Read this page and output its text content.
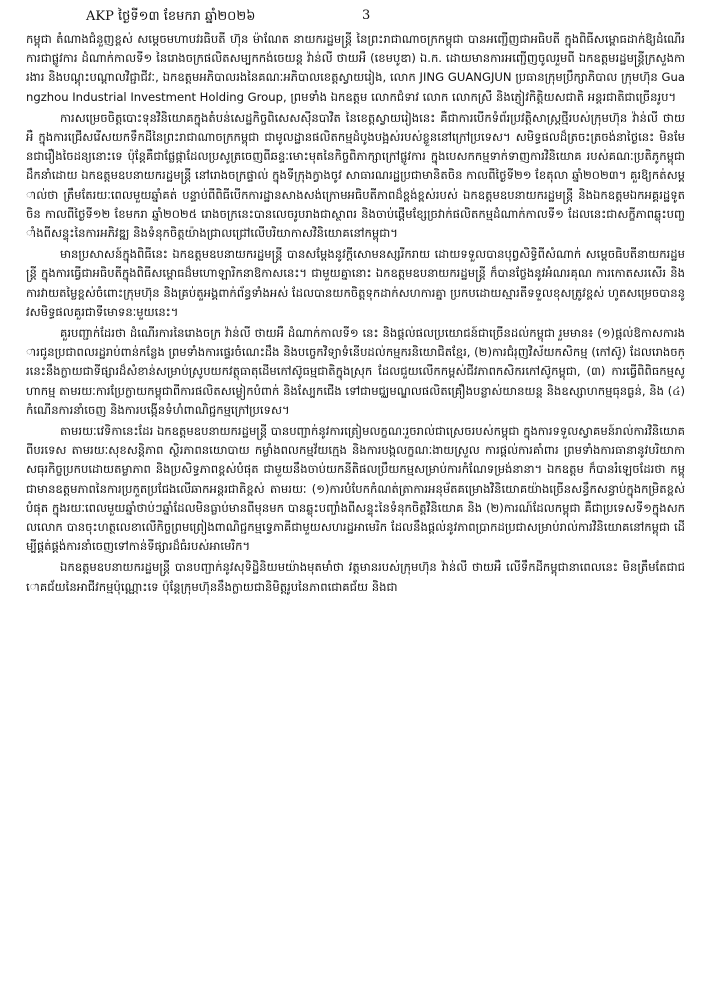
AKP ថ្ងៃទី១៣ ខែមករា ឆ្នាំ២០២៦	3

កម្ពុជា តំណាងជំនួញខ្ពស់ សម្ដេចមហាបវរធិបតី ហ៊ុន ម៉ាណែត នាយករដ្ឋមន្ត្រី នៃព្រះរាជាណាចក្រកម្ពុជា បានអញ្ជើញជាអធិបតី ក្នុងពិធីសម្ពោធដាក់ឱ្យដំណើរការជាផ្លូវការ ដំណាក់កាលទី១ នៃរោងចក្រផលិតសម្បកកង់ចេយន្ត វ៉ាន់លី ថាយអឺ (ខេមបូឌា) ឯ.ក. ដោយមានការអញ្ជើញចូលរួមពី ឯកឧត្តមរដ្ឋមន្ត្រីក្រសួងការងារ និងបណ្តុះបណ្តាលវិជ្ជាជីវៈ, ឯកឧត្តមអភិបាលរងនៃគណៈអភិបាលខេត្តស្វាយរៀង, លោក JING GUANGJUN ប្រធានក្រុមប្រឹក្សាភិបាល ក្រុមហ៊ុន Guangzhou Industrial Investment Holding Group, ព្រមទាំង ឯកឧត្តម លោកជំទាវ លោក លោកស្រី និងភ្ញៀវកិត្តិយសជាតិ អន្តរជាតិជាច្រើនរូប។

ការសម្រេចចិត្តបោះទុនវិនិយោគក្នុងតំបន់សេដ្ឋកិច្ចពិសេសស៊ីនបាវិត នៃខេត្តស្វាយរៀងនេះ គឺជាការបើកទំព័រប្រវត្តិសាស្ត្រថ្មីរបស់ក្រុមហ៊ុន វ៉ាន់លី ថាយអឺ ក្នុងការជ្រើសរើសយកទឹកដីនៃព្រះរាជាណាចក្រកម្ពុជា ជាមូលដ្ឋានផលិតកម្មដំបូងបង្អស់របស់ខ្លួននៅក្រៅប្រទេស។ សមិទ្ធផលដ៏ត្រចះត្រចង់នាថ្ងៃនេះ មិនមែនជារឿងចៃដន្យនោះទេ ប៉ុន្តែគឺជាផ្លែផ្កាដែលប្រសូត្រចេញពីឆន្ទៈមោះមុតនៃកិច្ចពិភាក្សាក្រៅផ្លូវការ ក្នុងបេសកកម្មទាក់ទាញការវិនិយោគ របស់គណៈប្រតិភូកម្ពុជាដឹកនាំដោយ ឯកឧត្តមឧបនាយករដ្ឋមន្ត្រី នៅរោងចក្រផ្ទាល់ ក្នុងទីក្រុងក្វាងចូវ សាធារណរដ្ឋប្រជាមានិតចិន កាលពីថ្ងៃទី២១ ខែតុលា ឆ្នាំ២០២៣។ គួរឱ្យកត់សម្គាល់ថា ត្រឹមតែរយៈពេលមួយឆ្នាំគត់ បន្ទាប់ពីពិធីបើកការដ្ឋានសាងសង់ក្រោមអធិបតីភាពដ៏ខ្ពង់ខ្ពស់របស់ ឯកឧត្តមឧបនាយករដ្ឋមន្ត្រី និងឯកឧត្តមឯកអគ្គរដ្ឋទូតចិន កាលពីថ្ងៃទី១២ ខែមករា ឆ្នាំ២០២៥ រោងចក្រនេះបានលេចរូបរាងជាស្ថាពរ និងចាប់ផ្តើមខ្សែច្រវាក់ផលិតកម្មដំណាក់កាលទី១ ដែលនេះជាសក្ខីភាពឆ្លុះបញ្ចាំងពីសន្ទុះនៃការអភិវឌ្ឍ និងទំនុកចិត្តយ៉ាងជ្រាលជ្រៅលើបរិយាកាសវិនិយោគនៅកម្ពុជា។

មានប្រសាសន៍ក្នុងពិធីនេះ ឯកឧត្តមឧបនាយករដ្ឋមន្ត្រី បានសម្តែងនូវក្តីសោមនស្សរីករាយ ដោយទទួលបានបុព្វសិទ្ធិពីសំណាក់ សម្តេចធិបតីនាយករដ្ឋមន្ត្រី ក្នុងការធ្វើជាអធិបតីក្នុងពិធីសម្ពោធដ៏មហោឡារិកនាឱកាសនេះ។ ជាមួយគ្នានោះ ឯកឧត្តមឧបនាយករដ្ឋមន្ត្រី ក៏បានថ្លែងនូវអំណរគុណ ការកោតសរសើរ និងការវាយតម្លៃខ្ពស់ចំពោះក្រុមហ៊ុន និងគ្រប់តួអង្គពាក់ព័ន្ធទាំងអស់ ដែលបានយកចិត្តទុកដាក់សហការគ្នា ប្រកបដោយស្មារតីទទួលខុសត្រូវខ្ពស់ ហូតសម្រេចបាននូវសមិទ្ធផលគួរជាទីមោទនៈមួយនេះ។

គួរបញ្ជាក់ដែរថា ដំណើរការនៃរោងចក្រ វ៉ាន់លី ថាយអឺ ដំណាក់កាលទី១ នេះ និងផ្តល់ផលប្រយោជន៍ជាច្រើនដល់កម្ពុជា រួមមាន៖ (១)ផ្តល់ឱកាសការងារជូនប្រជាពលរដ្ឋរាប់ពាន់កន្លែង ព្រមទាំងការផ្ទេរចំណេះដឹង និងបច្ចេកវិទ្យាទំនើបដល់កម្មករនិយោជិតខ្មែរ, (២)ការជំរុញវិស័យកសិកម្ម (កៅស៊ូ) ដែលរោងចក្រនេះនឹងក្លាយជាទីផ្សារដ៏សំខាន់សម្រាប់ស្រូបយកវត្ថុធាតុដើមកៅស៊ូធម្មជាតិក្នុងស្រុក ដែលជួយលើកកម្ពស់ជីវភាពកសិករកៅស៊ូកម្ពុជា, (៣) ការធ្វើពិពិធកម្មសូហាកម្ម តាមរយៈការប្រែក្លាយកម្ពុជាពីការផលិតសម្លៀកបំពាក់ និងស្បែកជើង ទៅជាមជ្ឈមណ្ឌលផលិតគ្រឿងបន្លាស់យានយន្ត និងឧស្សាហកម្មធុនធ្ងន់, និង (៤) កំណើនការនាំចេញ និងការបង្កើនទំហំពាណិជ្ជកម្មក្រៅប្រទេស។

តាមរយៈវេទិកានេះដែរ ឯកឧត្តមឧបនាយករដ្ឋមន្ត្រី បានបញ្ជាក់នូវការត្រៀមលក្ខណៈរួចរាល់ជាស្រេចរបស់កម្ពុជា ក្នុងការទទួលស្វាគមន៍រាល់ការវិនិយោគពីបរទេស តាមរយៈសុខសន្តិភាព ស្ថិរភាពនយោបាយ កម្លាំងពលកម្មវ័យក្មេង និងការបង្កលក្ខណៈងាយស្រួល ការផ្តល់ការគាំពារ ព្រមទាំងការធានានូវបរិយាកាសធុរកិច្ចប្រកបដោយតម្លាភាព និងប្រសិទ្ធភាពខ្ពស់បំផុត ជាមួយនឹងចាប់យកនីតិផលប្រឹយកម្មសម្រាប់ការកំណែទម្រង់នានា។ ឯកឧត្តម ក៏បានរំឡេចដែរថា កម្ពុជាមានឧត្តមភាពនៃការប្រកួតប្រជែងលើឆាកអន្តរជាតិខ្ពស់ តាមរយៈ (១)ការបំបែកកំណត់ត្រាការអនុម័តគម្រោងវិនិយោគយ៉ាងច្រើនសន្ធឹកសន្ធាប់ក្នុងកម្រិតខ្ពស់បំផុត ក្នុងរយៈពេលមួយឆ្នាំថាប់ៗឆ្នាំដែលមិនធ្លាប់មានពីមុនមក បានឆ្លុះបញ្ចាំងពីសន្ទុះនៃទំនុកចិត្តវិនិយោគ និង (២)ការណ៍ដែលកម្ពុជា គឺជាប្រទេសទី១ក្នុងសកលលោក បានចុះហត្ថលេខាលើកិច្ចព្រមព្រៀងពាណិជ្ជកម្មទ្វេភាគីជាមួយសហរដ្ឋអាមេរិក ដែលនឹងផ្តល់នូវភាពប្រាកដប្រជាសម្រាប់រាល់ការវិនិយោគនៅកម្ពុជា ដើម្បីផ្គត់ផ្គង់ការនាំចេញទៅកាន់ទីផ្សារដ៏ធំរបស់អាមេរិក។

ឯកឧត្តមឧបនាយករដ្ឋមន្ត្រី បានបញ្ជាក់នូវសុទិដ្ឋិនិយមយ៉ាងមុតមាំថា វត្តមានរបស់ក្រុមហ៊ុន វ៉ាន់លី ថាយអឺ លើទឹកដីកម្ពុជានាពេលនេះ មិនត្រឹមតែជាជោគជ័យនៃអាជីវកម្មប៉ុណ្ណោះទេ ប៉ុន្តែក្រុមហ៊ុននឹងក្លាយជានិមិត្តរូបនៃភាពជោគជ័យ និងជា
